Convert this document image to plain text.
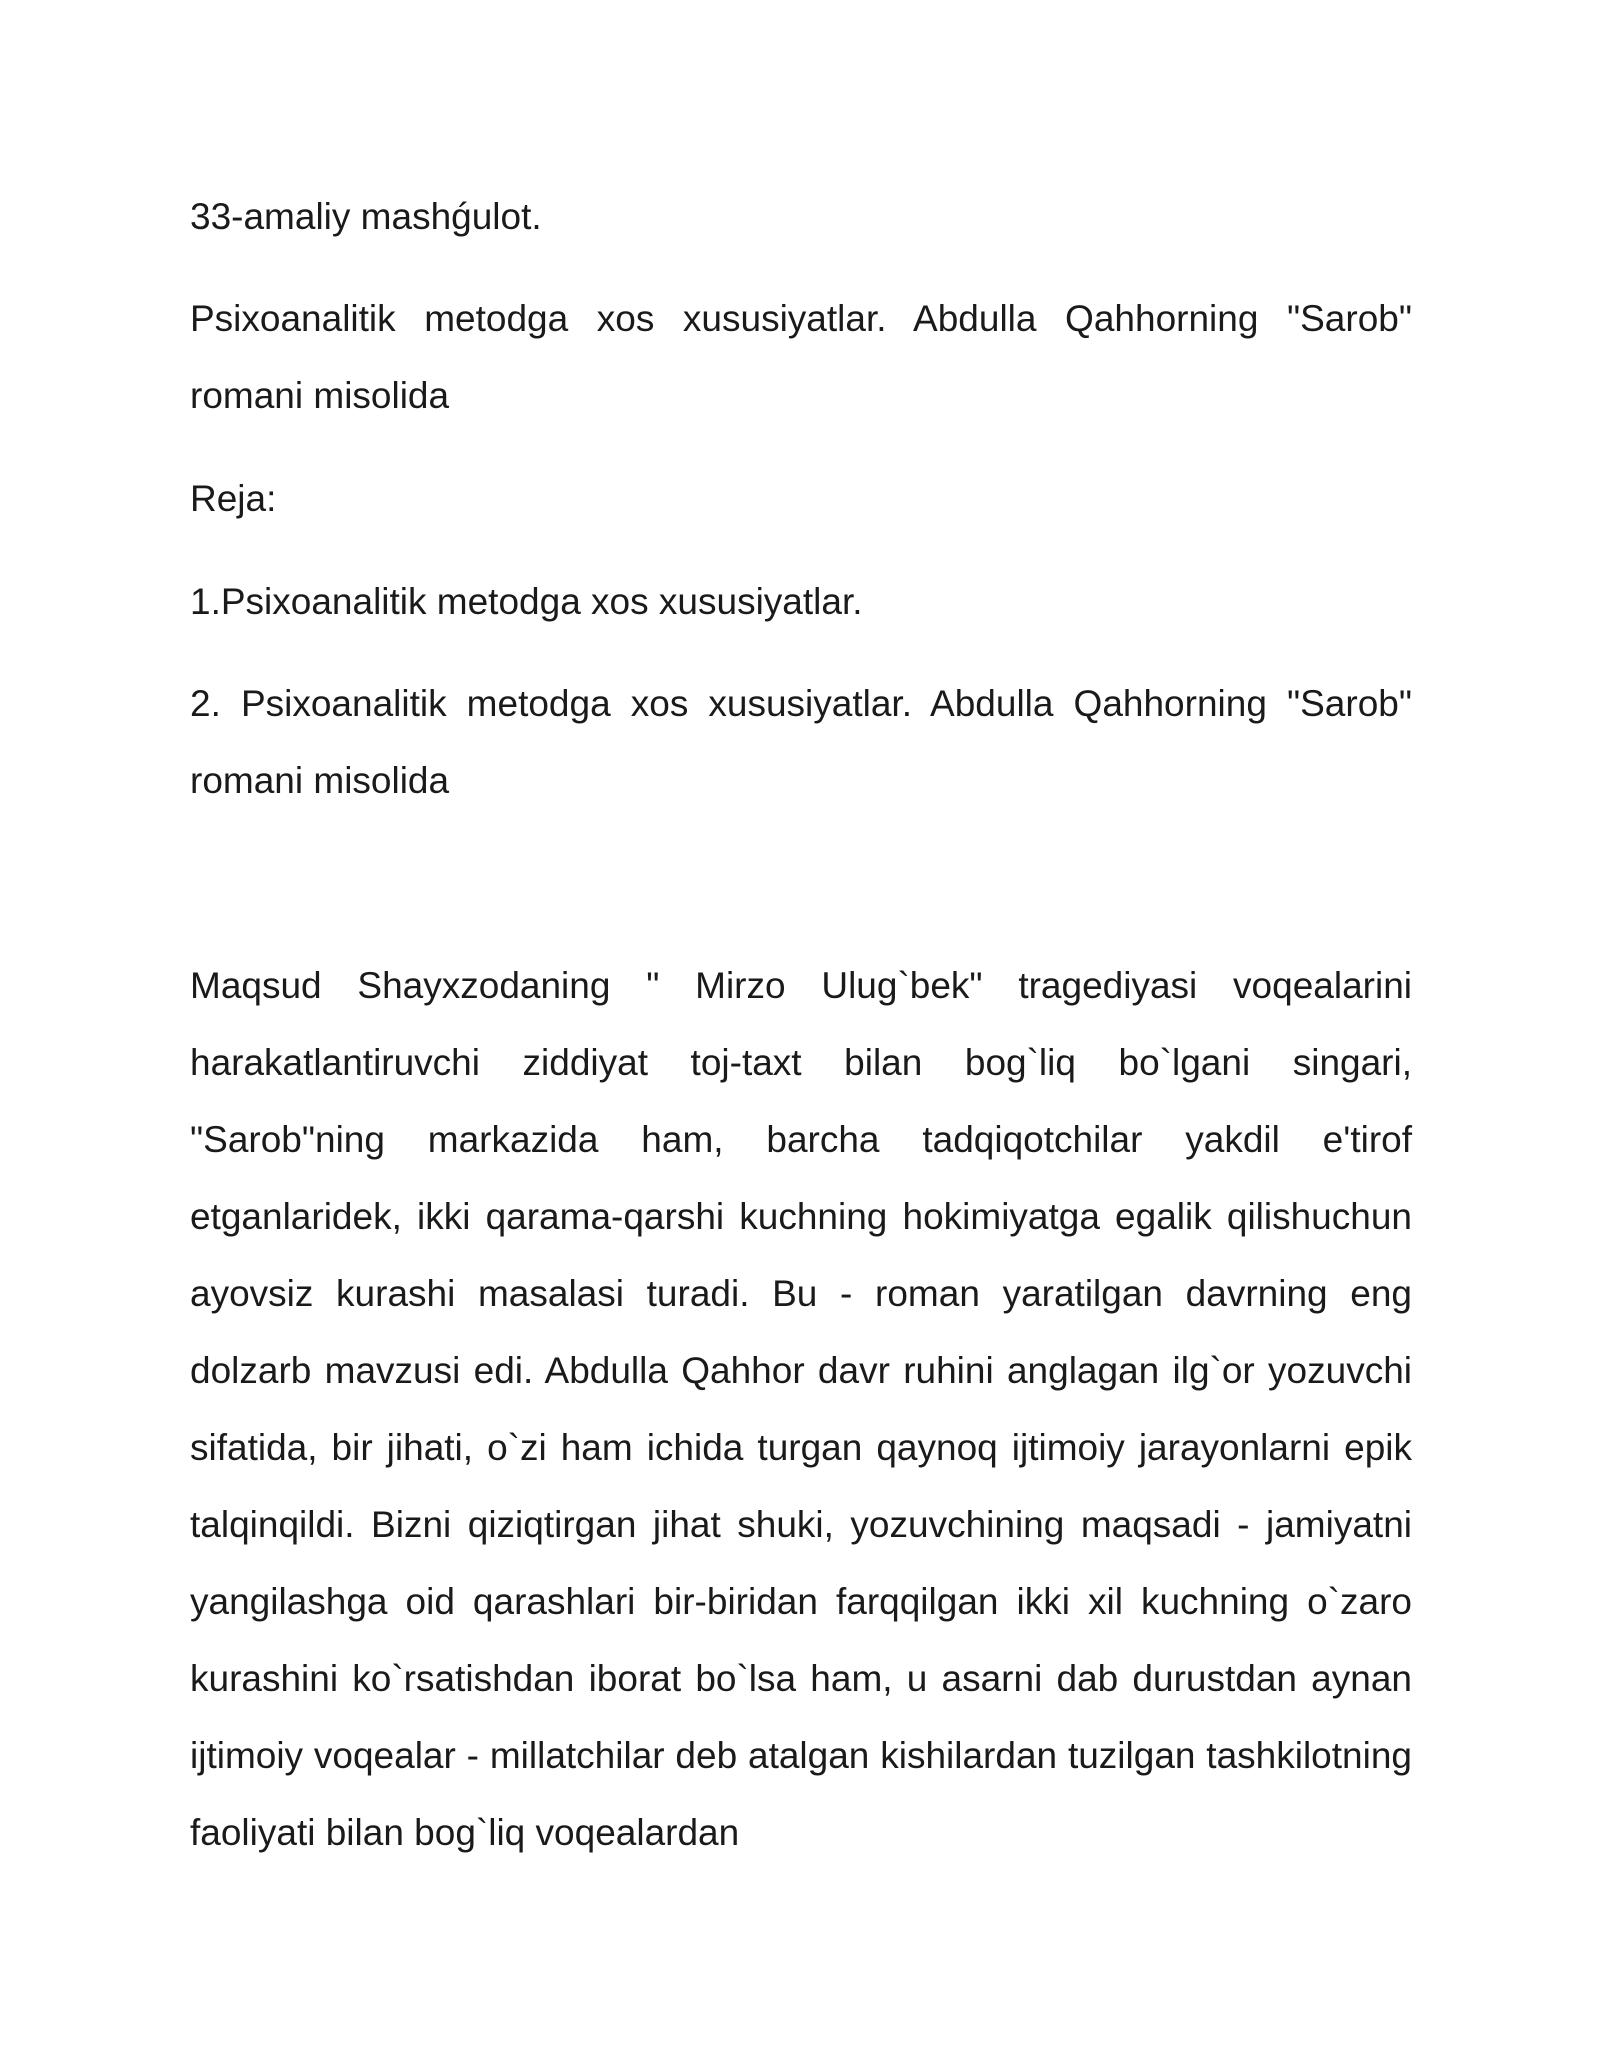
33-amaliy mashǵulot.

Psixoanalitik metodga xos xususiyatlar. Abdulla Qahhorning "Sarob" romani misolida

Reja:

1.Psixoanalitik metodga xos xususiyatlar.

2. Psixoanalitik metodga xos xususiyatlar. Abdulla Qahhorning "Sarob" romani misolida

Maqsud Shayxzodaning " Mirzo Ulug`bek" tragediyasi voqealarini harakatlantiruvchi ziddiyat toj-taxt bilan bog`liq bo`lgani singari, "Sarob"ning markazida ham, barcha tadqiqotchilar yakdil e'tirof etganlaridek, ikki qarama-qarshi kuchning hokimiyatga egalik qilishuchun ayovsiz kurashi masalasi turadi. Bu - roman yaratilgan davrning eng dolzarb mavzusi edi. Abdulla Qahhor davr ruhini anglagan ilg`or yozuvchi sifatida, bir jihati, o`zi ham ichida turgan qaynoq ijtimoiy jarayonlarni epik talqinqildi. Bizni qiziqtirgan jihat shuki, yozuvchining maqsadi - jamiyatni yangilashga oid qarashlari bir-biridan farqqilgan ikki xil kuchning o`zaro kurashini ko`rsatishdan iborat bo`lsa ham, u asarni dab durustdan aynan ijtimoiy voqealar - millatchilar deb atalgan kishilardan tuzilgan tashkilotning faoliyati bilan bog`liq voqealardan
